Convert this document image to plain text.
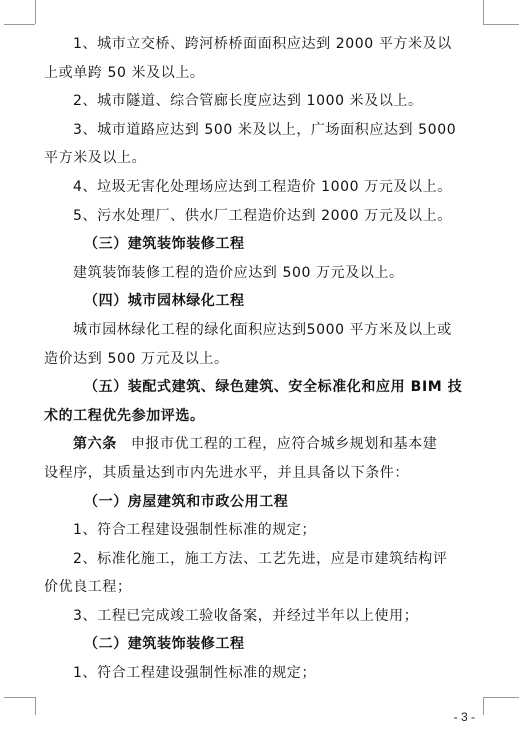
1、城市立交桥、跨河桥桥面面积应达到 2000 平方米及以
上或单跨 50 米及以上。
2、城市隧道、综合管廊长度应达到 1000 米及以上。
3、城市道路应达到 500 米及以上，广场面积应达到 5000
平方米及以上。
4、垃圾无害化处理场应达到工程造价 1000 万元及以上。
5、污水处理厂、供水厂工程造价达到 2000 万元及以上。
（三）建筑装饰装修工程
建筑装饰装修工程的造价应达到 500 万元及以上。
（四）城市园林绿化工程
城市园林绿化工程的绿化面积应达到5000 平方米及以上或
造价达到 500 万元及以上。
（五）装配式建筑、绿色建筑、安全标准化和应用 BIM 技
术的工程优先参加评选。
第六条 申报市优工程的工程，应符合城乡规划和基本建
设程序，其质量达到市内先进水平，并且具备以下条件：
（一）房屋建筑和市政公用工程
1、符合工程建设强制性标准的规定；
2、标准化施工，施工方法、工艺先进，应是市建筑结构评
价优良工程；
3、工程已完成竣工验收备案，并经过半年以上使用；
（二）建筑装饰装修工程
1、符合工程建设强制性标准的规定；
- 3 -
